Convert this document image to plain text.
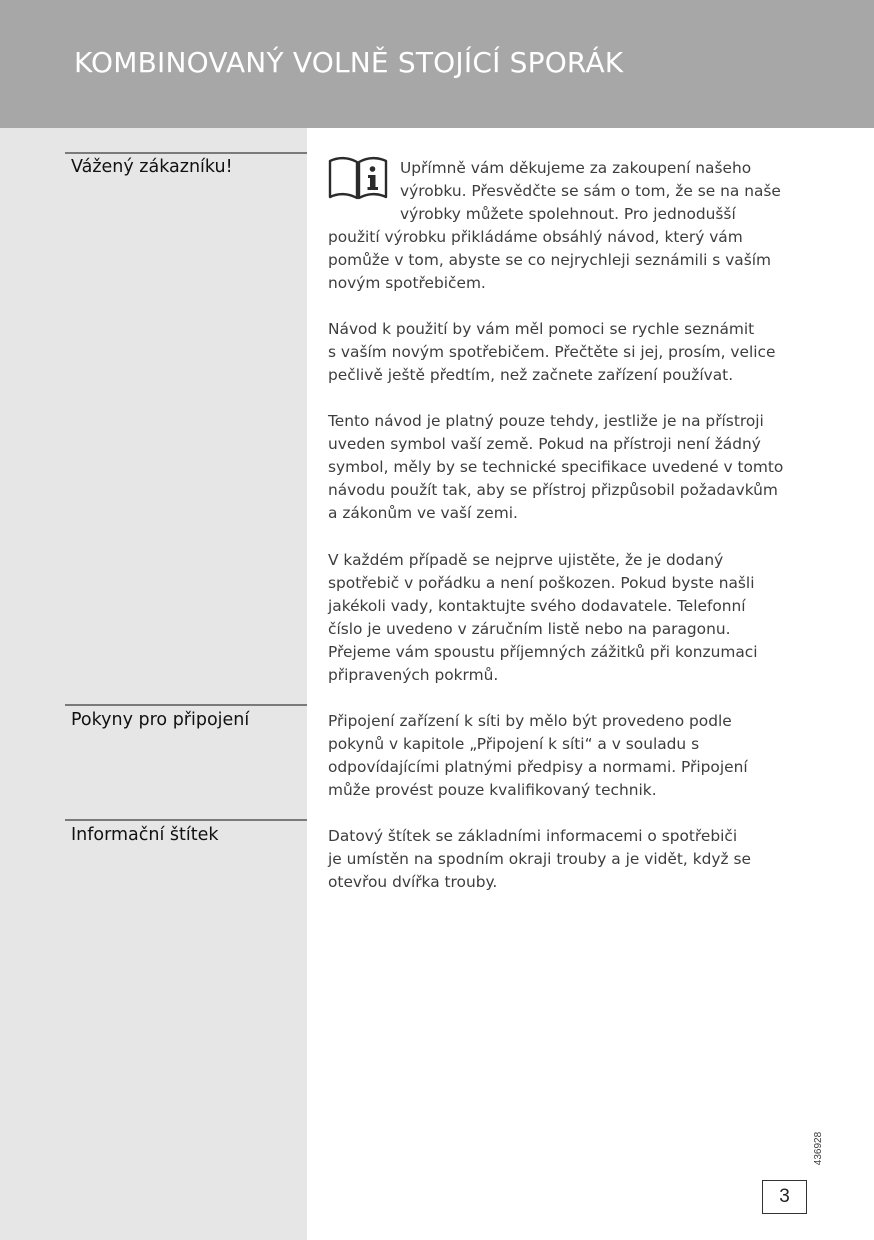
KOMBINOVANÝ VOLNĚ STOJÍCÍ SPORÁK
Vážený zákazníku!	Upřímně vám děkujeme za zakoupení našeho
výrobku. Přesvědčte se sám o tom, že se na naše
výrobky můžete spolehnout. Pro jednodušší
použití výrobku přikládáme obsáhlý návod, který vám
pomůže v tom, abyste se co nejrychleji seznámili s vaším
novým spotřebičem.

Návod k použití by vám měl pomoci se rychle seznámit
s vaším novým spotřebičem. Přečtěte si jej, prosím, velice
pečlivě ještě předtím, než začnete zařízení používat.

Tento návod je platný pouze tehdy, jestliže je na přístroji
uveden symbol vaší země. Pokud na přístroji není žádný
symbol, měly by se technické specifikace uvedené v tomto
návodu použít tak, aby se přístroj přizpůsobil požadavkům
a zákonům ve vaší zemi.

V každém případě se nejprve ujistěte, že je dodaný
spotřebič v pořádku a není poškozen. Pokud byste našli
jakékoli vady, kontaktujte svého dodavatele. Telefonní
číslo je uvedeno v záručním listě nebo na paragonu.
Přejeme vám spoustu příjemných zážitků při konzumaci
připravených pokrmů.

Pokyny pro připojení	Připojení zařízení k síti by mělo být provedeno podle
pokynů v kapitole „Připojení k síti“ a v souladu s
odpovídajícími platnými předpisy a normami. Připojení
může provést pouze kvalifikovaný technik.

Informační štítek	Datový štítek se základními informacemi o spotřebiči
je umístěn na spodním okraji trouby a je vidět, když se
otevřou dvířka trouby.

436928
3
